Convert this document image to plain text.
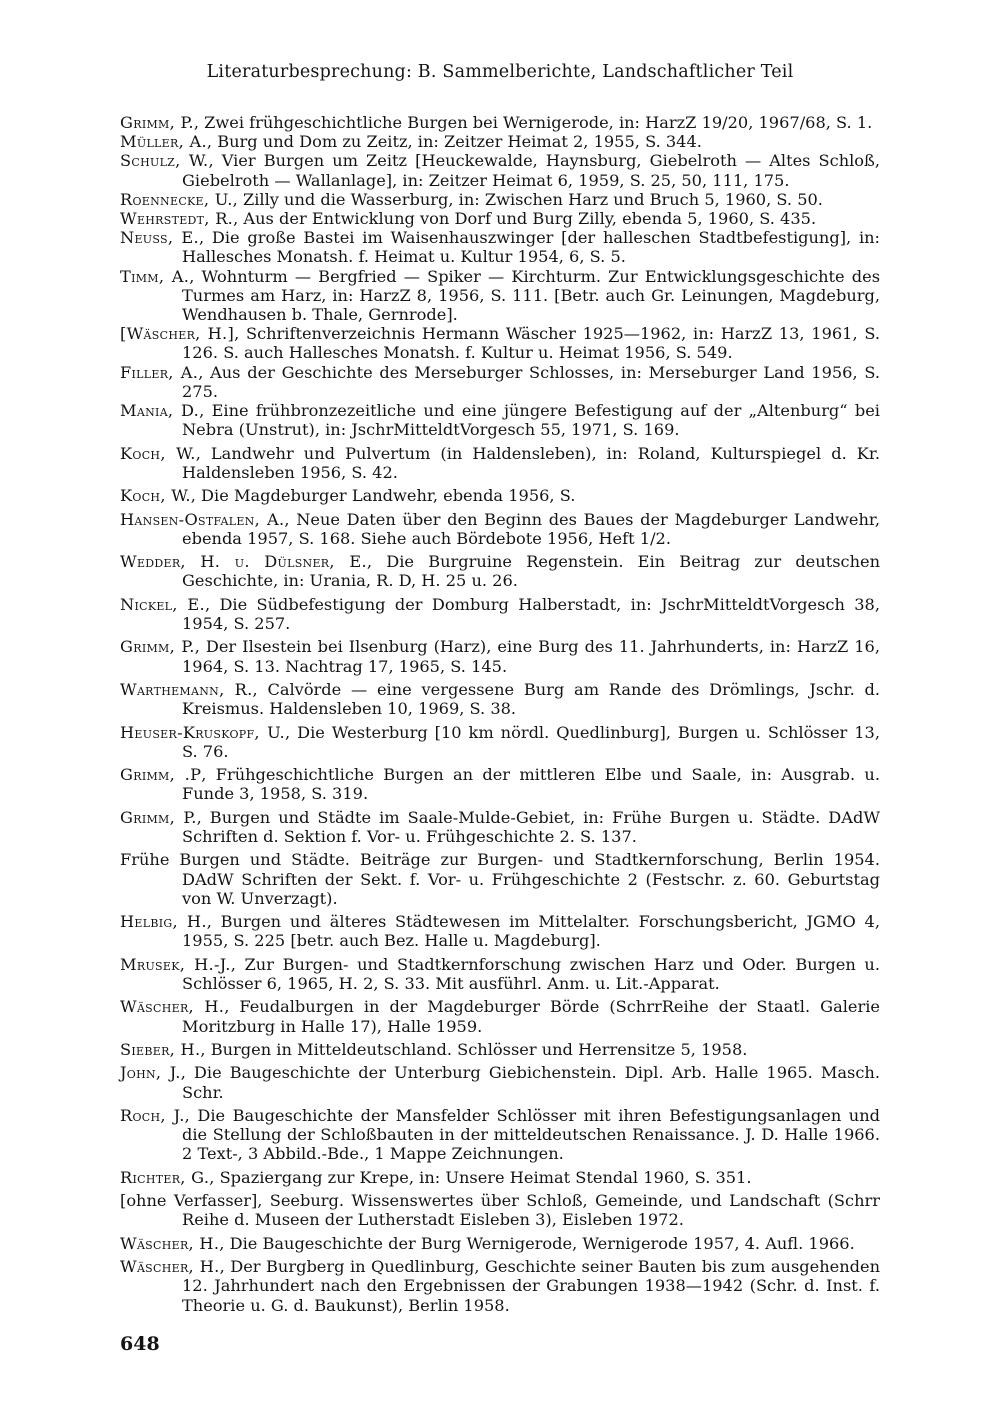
Literaturbesprechung: B. Sammelberichte, Landschaftlicher Teil
Grimm, P., Zwei frühgeschichtliche Burgen bei Wernigerode, in: HarzZ 19/20, 1967/68, S. 1.
Müller, A., Burg und Dom zu Zeitz, in: Zeitzer Heimat 2, 1955, S. 344.
Schulz, W., Vier Burgen um Zeitz [Heuckewalde, Haynsburg, Giebelroth — Altes Schloß, Giebelroth — Wallanlage], in: Zeitzer Heimat 6, 1959, S. 25, 50, 111, 175.
Roennecke, U., Zilly und die Wasserburg, in: Zwischen Harz und Bruch 5, 1960, S. 50.
Wehrstedt, R., Aus der Entwicklung von Dorf und Burg Zilly, ebenda 5, 1960, S. 435.
Neuss, E., Die große Bastei im Waisenhauszwinger [der halleschen Stadtbefestigung], in: Hallesches Monatsh. f. Heimat u. Kultur 1954, 6, S. 5.
Timm, A., Wohnturm — Bergfried — Spiker — Kirchturm. Zur Entwicklungsgeschichte des Turmes am Harz, in: HarzZ 8, 1956, S. 111. [Betr. auch Gr. Leinungen, Magdeburg, Wendhausen b. Thale, Gernrode].
[Wäscher, H.], Schriftenverzeichnis Hermann Wäscher 1925—1962, in: HarzZ 13, 1961, S. 126. S. auch Hallesches Monatsh. f. Kultur u. Heimat 1956, S. 549.
Filler, A., Aus der Geschichte des Merseburger Schlosses, in: Merseburger Land 1956, S. 275.
Mania, D., Eine frühbronzezeitliche und eine jüngere Befestigung auf der „Altenburg“ bei Nebra (Unstrut), in: JschrMitteldtVorgesch 55, 1971, S. 169.
Koch, W., Landwehr und Pulvertum (in Haldensleben), in: Roland, Kulturspiegel d. Kr. Haldensleben 1956, S. 42.
Koch, W., Die Magdeburger Landwehr, ebenda 1956, S.
Hansen-Ostfalen, A., Neue Daten über den Beginn des Baues der Magdeburger Landwehr, ebenda 1957, S. 168. Siehe auch Bördebote 1956, Heft 1/2.
Wedder, H. u. Dülsner, E., Die Burgruine Regenstein. Ein Beitrag zur deutschen Geschichte, in: Urania, R. D, H. 25 u. 26.
Nickel, E., Die Südbefestigung der Domburg Halberstadt, in: JschrMitteldtVorgesch 38, 1954, S. 257.
Grimm, P., Der Ilsestein bei Ilsenburg (Harz), eine Burg des 11. Jahrhunderts, in: HarzZ 16, 1964, S. 13. Nachtrag 17, 1965, S. 145.
Warthemann, R., Calvörde — eine vergessene Burg am Rande des Drömlings, Jschr. d. Kreismus. Haldensleben 10, 1969, S. 38.
Heuser-Kruskopf, U., Die Westerburg [10 km nördl. Quedlinburg], Burgen u. Schlösser 13, S. 76.
Grimm, .P, Frühgeschichtliche Burgen an der mittleren Elbe und Saale, in: Ausgrab. u. Funde 3, 1958, S. 319.
Grimm, P., Burgen und Städte im Saale-Mulde-Gebiet, in: Frühe Burgen u. Städte. DAdW Schriften d. Sektion f. Vor- u. Frühgeschichte 2. S. 137.
Frühe Burgen und Städte. Beiträge zur Burgen- und Stadtkernforschung, Berlin 1954. DAdW Schriften der Sekt. f. Vor- u. Frühgeschichte 2 (Festschr. z. 60. Geburtstag von W. Unverzagt).
Helbig, H., Burgen und älteres Städtewesen im Mittelalter. Forschungsbericht, JGMO 4, 1955, S. 225 [betr. auch Bez. Halle u. Magdeburg].
Mrusek, H.-J., Zur Burgen- und Stadtkernforschung zwischen Harz und Oder. Burgen u. Schlösser 6, 1965, H. 2, S. 33. Mit ausführl. Anm. u. Lit.-Apparat.
Wäscher, H., Feudalburgen in der Magdeburger Börde (SchrrReihe der Staatl. Galerie Moritzburg in Halle 17), Halle 1959.
Sieber, H., Burgen in Mitteldeutschland. Schlösser und Herrensitze 5, 1958.
John, J., Die Baugeschichte der Unterburg Giebichenstein. Dipl. Arb. Halle 1965. Masch. Schr.
Roch, J., Die Baugeschichte der Mansfelder Schlösser mit ihren Befestigungsanlagen und die Stellung der Schloßbauten in der mitteldeutschen Renaissance. J. D. Halle 1966. 2 Text-, 3 Abbild.-Bde., 1 Mappe Zeichnungen.
Richter, G., Spaziergang zur Krepe, in: Unsere Heimat Stendal 1960, S. 351.
[ohne Verfasser], Seeburg. Wissenswertes über Schloß, Gemeinde, und Landschaft (Schrr Reihe d. Museen der Lutherstadt Eisleben 3), Eisleben 1972.
Wäscher, H., Die Baugeschichte der Burg Wernigerode, Wernigerode 1957, 4. Aufl. 1966.
Wäscher, H., Der Burgberg in Quedlinburg, Geschichte seiner Bauten bis zum ausgehenden 12. Jahrhundert nach den Ergebnissen der Grabungen 1938—1942 (Schr. d. Inst. f. Theorie u. G. d. Baukunst), Berlin 1958.
648
